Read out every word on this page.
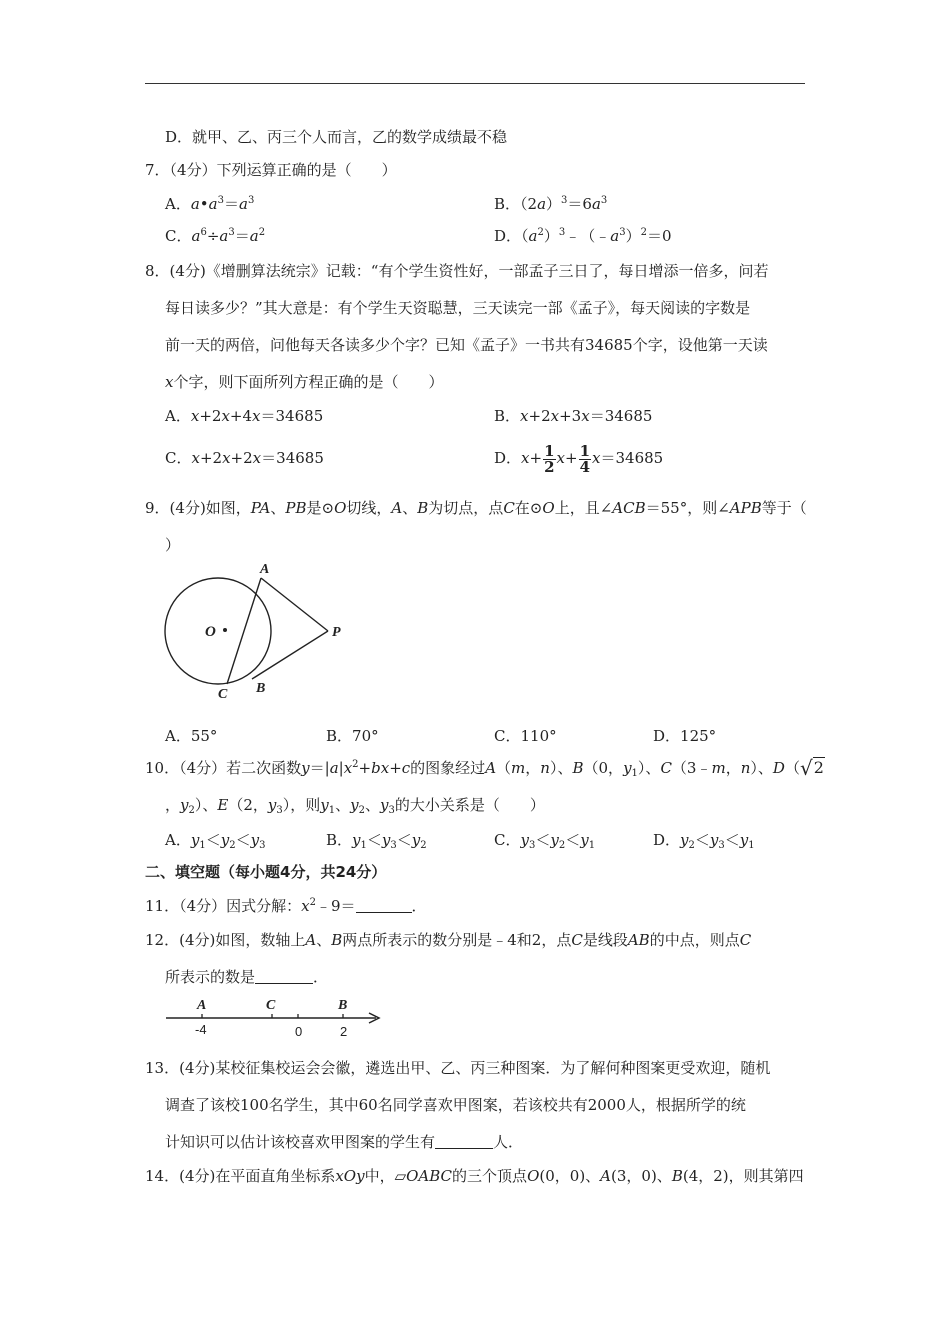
D．就甲、乙、丙三个人而言，乙的数学成绩最不稳
7．（4分）下列运算正确的是（　　）
A．$a•a^3=a^3$	B．$(2a)^3=6a^3$
C．$a^6\div a^3=a^2$	D．$(a^2)^3﹣(﹣a^3)^2=0$
8．(4分)《增删算法统宗》记载：“有个学生资性好，一部孟子三日了，每日增添一倍多，问若
每日读多少？”其大意是：有个学生天资聪慧，三天读完一部《孟子》，每天阅读的字数是
前一天的两倍，问他每天各读多少个字？已知《孟子》一书共有34685个字，设他第一天读
x个字，则下面所列方程正确的是（　　）
A．x+2x+4x＝34685	B．x+2x+3x＝34685
C．x+2x+2x＝34685	D．$x+ \frac{1}{2} x+ \frac{1}{4} x=34685$
9．(4分)如图，PA、PB是⊙O切线，A、B为切点，点C在⊙O上，且∠ACB＝55°，则∠APB等于（
）
O
A
P
B
C
A．55°	B．70°	C．110°	D．125°
10．（4分）若二次函数$y=|a|x^2+bx+c$的图象经过A（m，n）、B（0，$y_1$）、C（3﹣m，n）、D（√2
，$y_2$）、E（2，$y_3$），则$y_1$、$y_2$、$y_3$的大小关系是（　　）
A．$y_1<y_2<y_3$	B．$y_1<y_3<y_2$	C．$y_3<y_2<y_1$	D．$y_2<y_3<y_1$
二、填空题（每小题4分，共24分）
11．（4分）因式分解：$x^2﹣9=$	．
12．(4分)如图，数轴上A、B两点所表示的数分别是﹣4和2，点C是线段AB的中点，则点C
所表示的数是	．
A	C	B
-4	0	2
13．(4分)某校征集校运会会徽，遴选出甲、乙、丙三种图案．为了解何种图案更受欢迎，随机
调查了该校100名学生，其中60名同学喜欢甲图案，若该校共有2000人，根据所学的统
计知识可以估计该校喜欢甲图案的学生有	人．
14．(4分)在平面直角坐标系xOy中，▱OABC的三个顶点O(0，0)、A(3，0)、B(4，2)，则其第四
